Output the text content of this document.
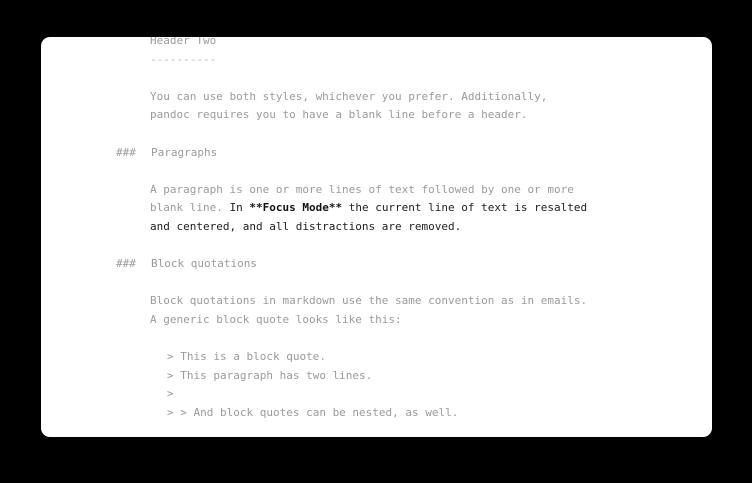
Header Two
----------

You can use both styles, whichever you prefer. Additionally,
pandoc requires you to have a blank line before a header.

### Paragraphs

A paragraph is one or more lines of text followed by one or more
blank line. In **Focus Mode** the current line of text is resalted
and centered, and all distractions are removed.

### Block quotations

Block quotations in markdown use the same convention as in emails.
A generic block quote looks like this:

> This is a block quote.
> This paragraph has two lines.
>
> > And block quotes can be nested, as well.
